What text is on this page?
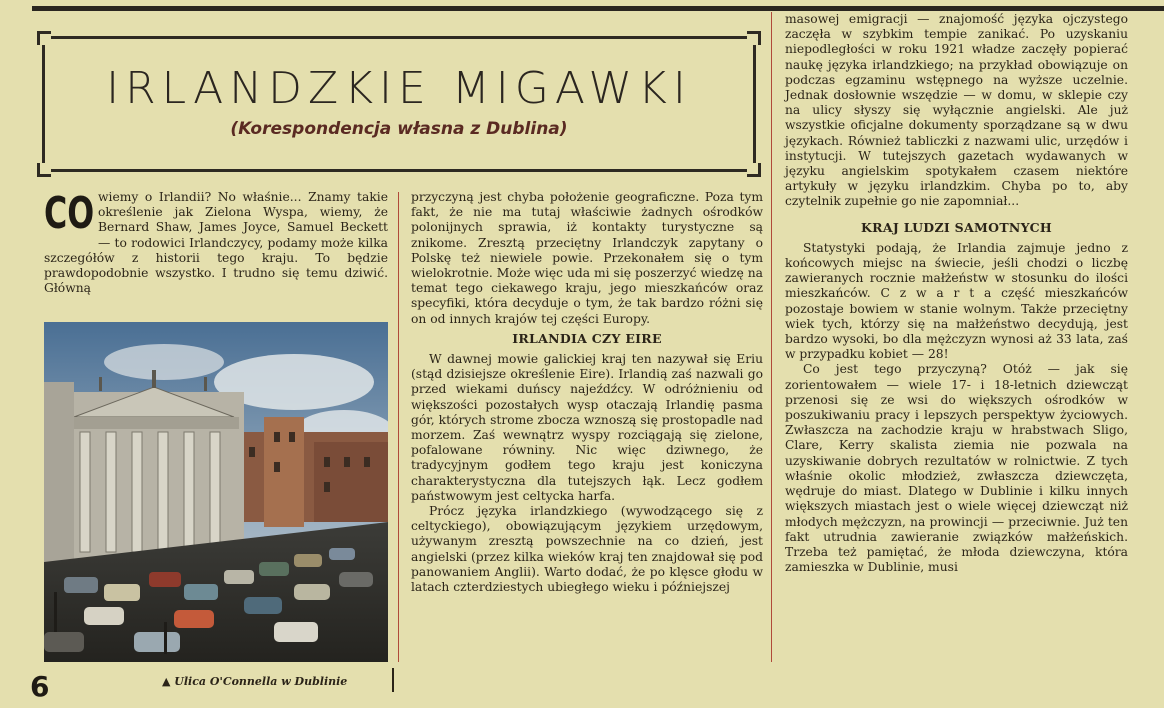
IRLANDZKIE MIGAWKI
(Korespondencja własna z Dublina)
CO wiemy o Irlandii? No właśnie... Znamy takie określenie jak Zielona Wyspa, wiemy, że Bernard Shaw, James Joyce, Samuel Beckett — to rodowici Irlandczycy, podamy może kilka szczegółów z historii tego kraju. To będzie prawdopodobnie wszystko. I trudno się temu dziwić. Główną

6	▲ Ulica O'Connella w Dublinie

przyczyną jest chyba położenie geograficzne. Poza tym fakt, że nie ma tutaj właściwie żadnych ośrodków polonijnych sprawia, iż kontakty turystyczne są znikome. Zresztą przeciętny Irlandczyk zapytany o Polskę też niewiele powie. Przekonałem się o tym wielokrotnie. Może więc uda mi się poszerzyć wiedzę na temat tego ciekawego kraju, jego mieszkańców oraz specyfiki, która decyduje o tym, że tak bardzo różni się on od innych krajów tej części Europy.

IRLANDIA CZY EIRE

W dawnej mowie galickiej kraj ten nazywał się Eriu (stąd dzisiejsze określenie Eire). Irlandią zaś nazwali go przed wiekami duńscy najeźdźcy. W odróżnieniu od większości pozostałych wysp otaczają Irlandię pasma gór, których strome zbocza wznoszą się prostopadle nad morzem. Zaś wewnątrz wyspy rozciągają się zielone, pofalowane równiny. Nic więc dziwnego, że tradycyjnym godłem tego kraju jest koniczyna charakterystyczna dla tutejszych łąk. Lecz godłem państwowym jest celtycka harfa.

Prócz języka irlandzkiego (wywodzącego się z celtyckiego), obowiązującym językiem urzędowym, używanym zresztą powszechnie na co dzień, jest angielski (przez kilka wieków kraj ten znajdował się pod panowaniem Anglii). Warto dodać, że po klęsce głodu w latach czterdziestych ubiegłego wieku i późniejszej

masowej emigracji — znajomość języka ojczystego zaczęła w szybkim tempie zanikać. Po uzyskaniu niepodległości w roku 1921 władze zaczęły popierać naukę języka irlandzkiego; na przykład obowiązuje on podczas egzaminu wstępnego na wyższe uczelnie. Jednak dosłownie wszędzie — w domu, w sklepie czy na ulicy słyszy się wyłącznie angielski. Ale już wszystkie oficjalne dokumenty sporządzane są w dwu językach. Również tabliczki z nazwami ulic, urzędów i instytucji. W tutejszych gazetach wydawanych w języku angielskim spotykałem czasem niektóre artykuły w języku irlandzkim. Chyba po to, aby czytelnik zupełnie go nie zapomniał...

KRAJ LUDZI SAMOTNYCH

Statystyki podają, że Irlandia zajmuje jedno z końcowych miejsc na świecie, jeśli chodzi o liczbę zawieranych rocznie małżeństw w stosunku do ilości mieszkańców. C z w a r t a część mieszkańców pozostaje bowiem w stanie wolnym. Także przeciętny wiek tych, którzy się na małżeństwo decydują, jest bardzo wysoki, bo dla mężczyzn wynosi aż 33 lata, zaś w przypadku kobiet — 28!

Co jest tego przyczyną? Otóż — jak się zorientowałem — wiele 17- i 18-letnich dziewcząt przenosi się ze wsi do większych ośrodków w poszukiwaniu pracy i lepszych perspektyw życiowych. Zwłaszcza na zachodzie kraju w hrabstwach Sligo, Clare, Kerry skalista ziemia nie pozwala na uzyskiwanie dobrych rezultatów w rolnictwie. Z tych właśnie okolic młodzież, zwłaszcza dziewczęta, wędruje do miast. Dlatego w Dublinie i kilku innych większych miastach jest o wiele więcej dziewcząt niż młodych mężczyzn, na prowincji — przeciwnie. Już ten fakt utrudnia zawieranie związków małżeńskich. Trzeba też pamiętać, że młoda dziewczyna, która zamieszka w Dublinie, musi
